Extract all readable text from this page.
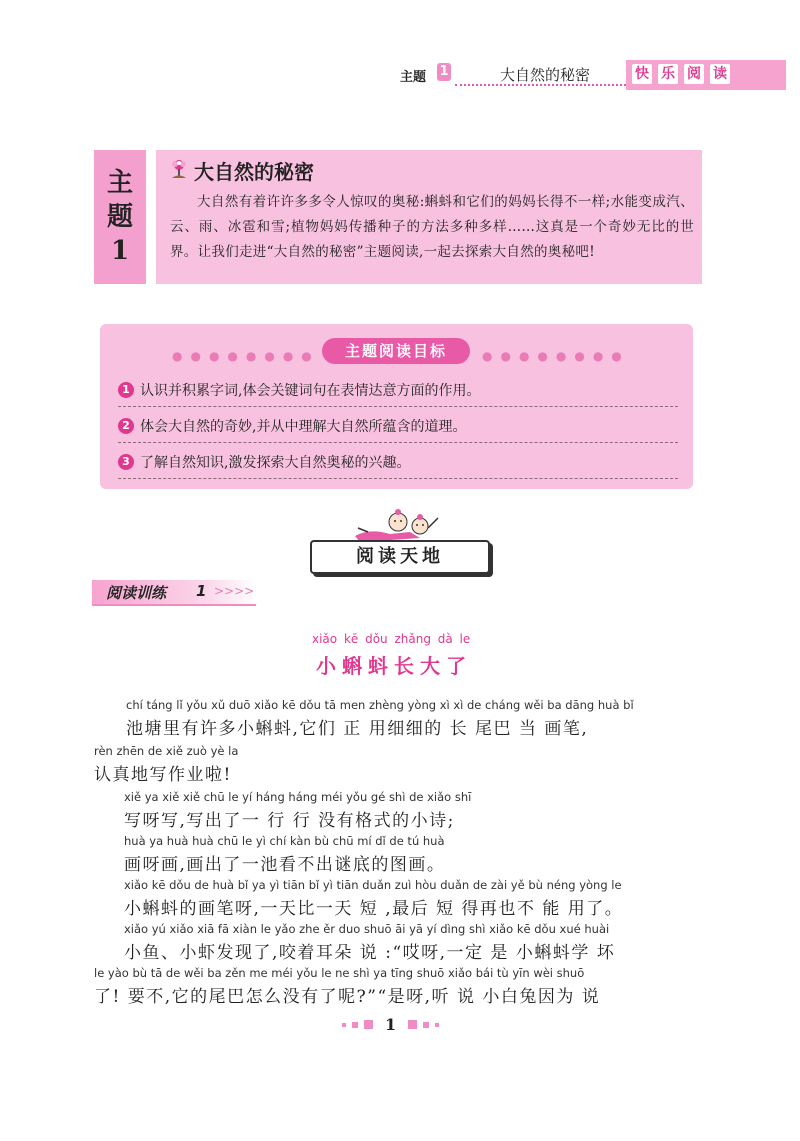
主题 1	大自然的秘密	快 乐 阅 读
主
题
1
大自然的秘密
大自然有着许许多多令人惊叹的奥秘:蝌蚪和它们的妈妈长得不一样;水能变成汽、云、雨、冰雹和雪;植物妈妈传播种子的方法多种多样……这真是一个奇妙无比的世界。让我们走进“大自然的秘密”主题阅读,一起去探索大自然的奥秘吧!
●●●●●●●●	●●●●●●●●
主题阅读目标
1 认识并积累字词,体会关键词句在表情达意方面的作用。
2 体会大自然的奇妙,并从中理解大自然所蕴含的道理。
3 了解自然知识,激发探索大自然奥秘的兴趣。
阅读天地
阅读训练 1 >>>>
xiǎo kē dǒu zhǎng dà le
小蝌蚪长大了
chí táng lǐ yǒu xǔ duō xiǎo kē dǒu tā men zhèng yòng xì xì de cháng wěi ba dāng huà bǐ
池塘里有许多小蝌蚪,它们 正 用细细的 长 尾巴 当 画笔,
rèn zhēn de xiě zuò yè la
认真地写作业啦!
xiě ya xiě xiě chū le yí háng háng méi yǒu gé shì de xiǎo shī
写呀写,写出了一 行 行 没有格式的小诗;
huà ya huà huà chū le yì chí kàn bù chū mí dǐ de tú huà
画呀画,画出了一池看不出谜底的图画。
xiǎo kē dǒu de huà bǐ ya yì tiān bǐ yì tiān duǎn zuì hòu duǎn de zài yě bù néng yòng le
小蝌蚪的画笔呀,一天比一天 短 ,最后 短 得再也不 能 用了。
xiǎo yú xiǎo xiā fā xiàn le yǎo zhe ěr duo shuō āi yā yí dìng shì xiǎo kē dǒu xué huài
小鱼、小虾发现了,咬着耳朵 说 :“哎呀,一定 是 小蝌蚪学 坏
le yào bù tā de wěi ba zěn me méi yǒu le ne shì ya tīng shuō xiǎo bái tù yīn wèi shuō
了! 要不,它的尾巴怎么没有了呢?”“是呀,听 说 小白兔因为 说
1
